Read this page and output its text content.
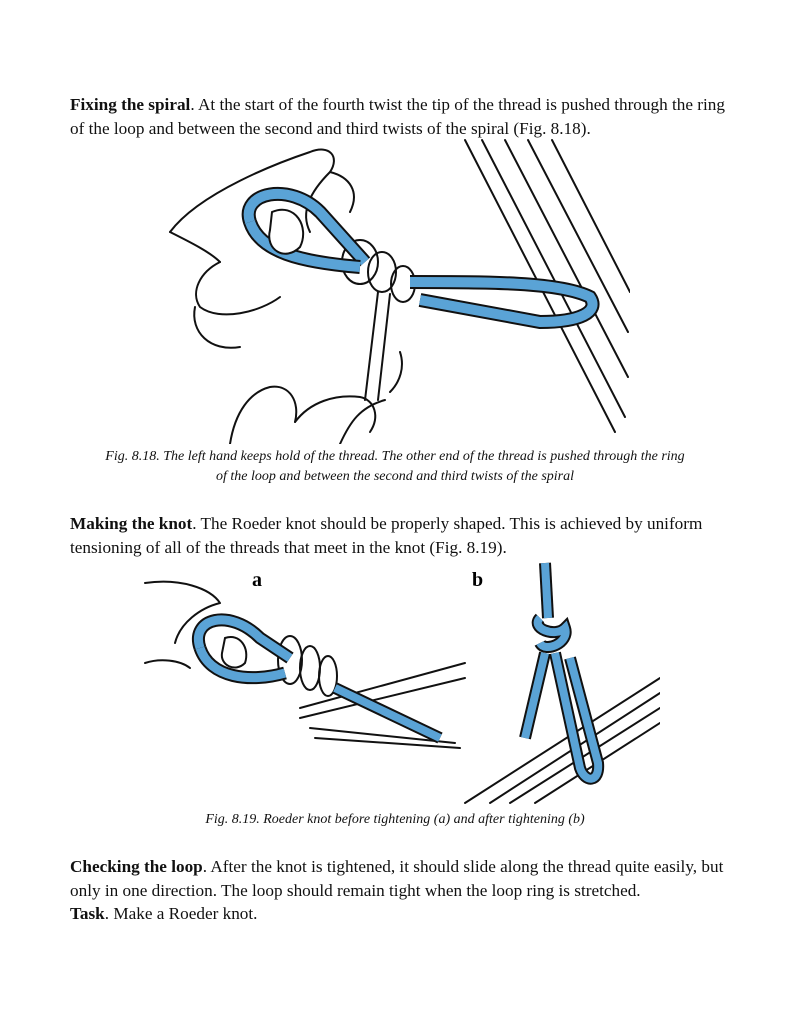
Fixing the spiral. At the start of the fourth twist the tip of the thread is pushed through the ring of the loop and between the second and third twists of the spiral (Fig. 8.18).

Fig. 8.18. The left hand keeps hold of the thread. The other end of the thread is pushed through the ring
of the loop and between the second and third twists of the spiral

Making the knot. The Roeder knot should be properly shaped. This is achieved by uniform tensioning of all of the threads that meet in the knot (Fig. 8.19).

a	b

Fig. 8.19. Roeder knot before tightening (a) and after tightening (b)

Checking the loop. After the knot is tightened, it should slide along the thread quite easily, but only in one direction. The loop should remain tight when the loop ring is stretched.
Task. Make a Roeder knot.
